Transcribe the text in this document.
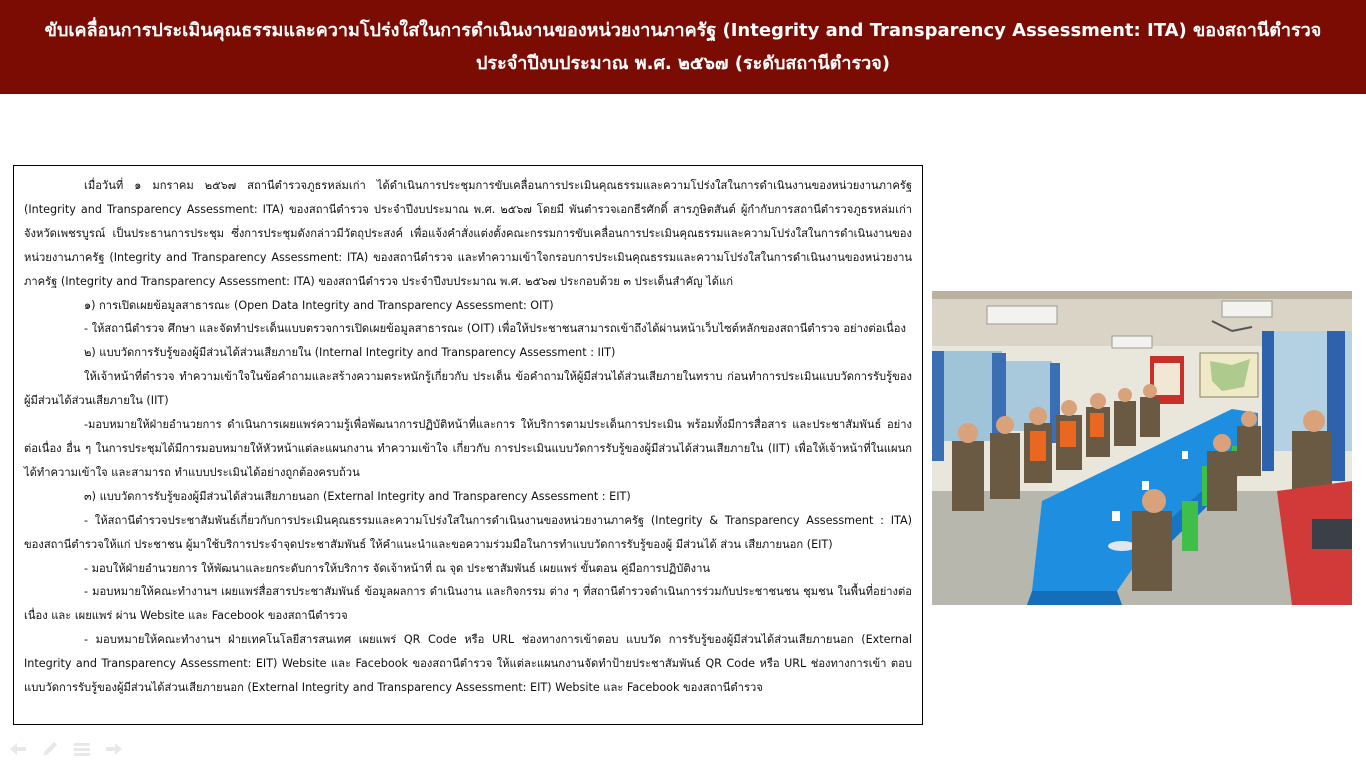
ขับเคลื่อนการประเมินคุณธรรมและความโปร่งใสในการดำเนินงานของหน่วยงานภาครัฐ (Integrity and Transparency Assessment: ITA) ของสถานีตำรวจ
ประจำปีงบประมาณ พ.ศ. ๒๕๖๗ (ระดับสถานีตำรวจ)

เมื่อวันที่ ๑ มกราคม ๒๕๖๗ สถานีตำรวจภูธรหล่มเก่า ได้ดำเนินการประชุมการขับเคลื่อนการประเมินคุณธรรมและความโปร่งใสในการดำเนินงานของหน่วยงานภาครัฐ (Integrity and Transparency Assessment: ITA) ของสถานีตำรวจ ประจำปีงบประมาณ พ.ศ. ๒๕๖๗ โดยมี พันตำรวจเอกธีรศักดิ์ สารภูษิตสันต์ ผู้กำกับการสถานีตำรวจภูธรหล่มเก่า จังหวัดเพชรบูรณ์ เป็นประธานการประชุม ซึ่งการประชุมดังกล่าวมีวัตถุประสงค์ เพื่อแจ้งคำสั่งแต่งตั้งคณะกรรมการขับเคลื่อนการประเมินคุณธรรมและความโปร่งใสในการดำเนินงานของหน่วยงานภาครัฐ (Integrity and Transparency Assessment: ITA) ของสถานีตำรวจ และทำความเข้าใจกรอบการประเมินคุณธรรมและความโปร่งใสในการดำเนินงานของหน่วยงานภาครัฐ (Integrity and Transparency Assessment: ITA) ของสถานีตำรวจ ประจำปีงบประมาณ พ.ศ. ๒๕๖๗ ประกอบด้วย ๓ ประเด็นสำคัญ ได้แก่

๑) การเปิดเผยข้อมูลสาธารณะ (Open Data Integrity and Transparency Assessment: OIT)

- ให้สถานีตำรวจ ศึกษา และจัดทำประเด็นแบบตรวจการเปิดเผยข้อมูลสาธารณะ (OIT) เพื่อให้ประชาชนสามารถเข้าถึงได้ผ่านหน้าเว็บไซต์หลักของสถานีตำรวจ อย่างต่อเนื่อง

๒) แบบวัดการรับรู้ของผู้มีส่วนได้ส่วนเสียภายใน (Internal Integrity and Transparency Assessment : IIT)

ให้เจ้าหน้าที่ตำรวจ ทำความเข้าใจในข้อคำถามและสร้างความตระหนักรู้เกี่ยวกับ ประเด็น ข้อคำถามให้ผู้มีส่วนได้ส่วนเสียภายในทราบ ก่อนทำการประเมินแบบวัดการรับรู้ของผู้มีส่วนได้ส่วนเสียภายใน (IIT)

-มอบหมายให้ฝ่ายอำนวยการ ดำเนินการเผยแพร่ความรู้เพื่อพัฒนาการปฏิบัติหน้าที่และการ ให้บริการตามประเด็นการประเมิน พร้อมทั้งมีการสื่อสาร และประชาสัมพันธ์ อย่างต่อเนื่อง อื่น ๆ ในการประชุมได้มีการมอบหมายให้หัวหน้าแต่ละแผนกงาน ทำความเข้าใจ เกี่ยวกับ การประเมินแบบวัดการรับรู้ของผู้มีส่วนได้ส่วนเสียภายใน (IIT) เพื่อให้เจ้าหน้าที่ในแผนกได้ทำความเข้าใจ และสามารถ ทำแบบประเมินได้อย่างถูกต้องครบถ้วน

๓) แบบวัดการรับรู้ของผู้มีส่วนได้ส่วนเสียภายนอก (External Integrity and Transparency Assessment : EIT)

- ให้สถานีตำรวจประชาสัมพันธ์เกี่ยวกับการประเมินคุณธรรมและความโปร่งใสในการดำเนินงานของหน่วยงานภาครัฐ (Integrity & Transparency Assessment : ITA) ของสถานีตำรวจให้แก่ ประชาชน ผู้มาใช้บริการประจำจุดประชาสัมพันธ์ ให้คำแนะนำและขอความร่วมมือในการทำแบบวัดการรับรู้ของผู้ มีส่วนได้ ส่วน เสียภายนอก (EIT)

- มอบให้ฝ่ายอำนวยการ ให้พัฒนาและยกระดับการให้บริการ จัดเจ้าหน้าที่ ณ จุด ประชาสัมพันธ์ เผยแพร่ ขั้นตอน คู่มือการปฏิบัติงาน

- มอบหมายให้คณะทำงานฯ เผยแพร่สื่อสารประชาสัมพันธ์ ข้อมูลผลการ ดำเนินงาน และกิจกรรม ต่าง ๆ ที่สถานีตำรวจดำเนินการร่วมกับประชาชนชน ชุมชน ในพื้นที่อย่างต่อเนื่อง และ เผยแพร่ ผ่าน Website และ Facebook ของสถานีตำรวจ

- มอบหมายให้คณะทำงานฯ ฝ่ายเทคโนโลยีสารสนเทศ เผยแพร่ QR Code หรือ URL ช่องทางการเข้าตอบ แบบวัด การรับรู้ของผู้มีส่วนได้ส่วนเสียภายนอก (External Integrity and Transparency Assessment: EIT) Website และ Facebook ของสถานีตำรวจ ให้แต่ละแผนกงานจัดทำป้ายประชาสัมพันธ์ QR Code หรือ URL ช่องทางการเข้า ตอบ แบบวัดการรับรู้ของผู้มีส่วนได้ส่วนเสียภายนอก (External Integrity and Transparency Assessment: EIT) Website และ Facebook ของสถานีตำรวจ
